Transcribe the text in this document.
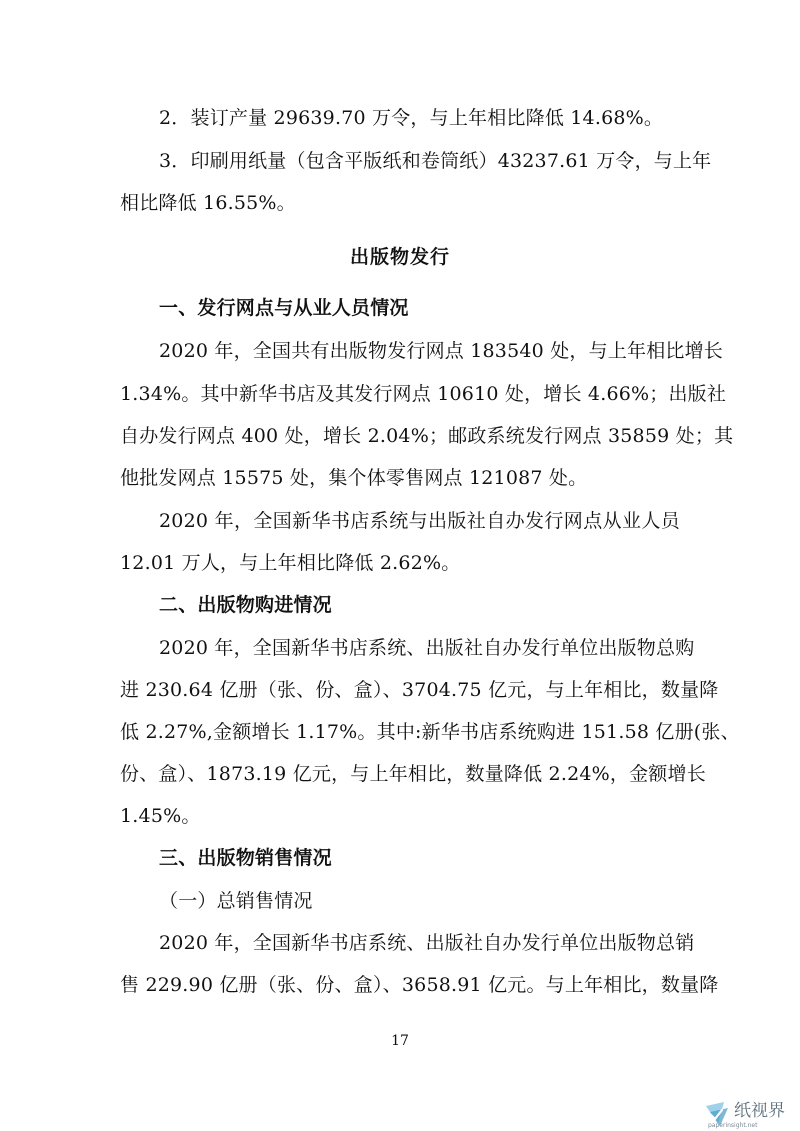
2．装订产量 29639.70 万令，与上年相比降低 14.68%。
3．印刷用纸量（包含平版纸和卷筒纸）43237.61 万令，与上年
相比降低 16.55%。
出版物发行
一、发行网点与从业人员情况
2020 年，全国共有出版物发行网点 183540 处，与上年相比增长
1.34%。其中新华书店及其发行网点 10610 处，增长 4.66%；出版社
自办发行网点 400 处，增长 2.04%；邮政系统发行网点 35859 处；其
他批发网点 15575 处，集个体零售网点 121087 处。
2020 年，全国新华书店系统与出版社自办发行网点从业人员
12.01 万人，与上年相比降低 2.62%。
二、出版物购进情况
2020 年，全国新华书店系统、出版社自办发行单位出版物总购
进 230.64 亿册（张、份、盒）、3704.75 亿元，与上年相比，数量降
低 2.27%,金额增长 1.17%。其中:新华书店系统购进 151.58 亿册(张、
份、盒）、1873.19 亿元，与上年相比，数量降低 2.24%，金额增长
1.45%。
三、出版物销售情况
（一）总销售情况
2020 年，全国新华书店系统、出版社自办发行单位出版物总销
售 229.90 亿册（张、份、盒）、3658.91 亿元。与上年相比，数量降
17
纸视界
paperinsight.net
